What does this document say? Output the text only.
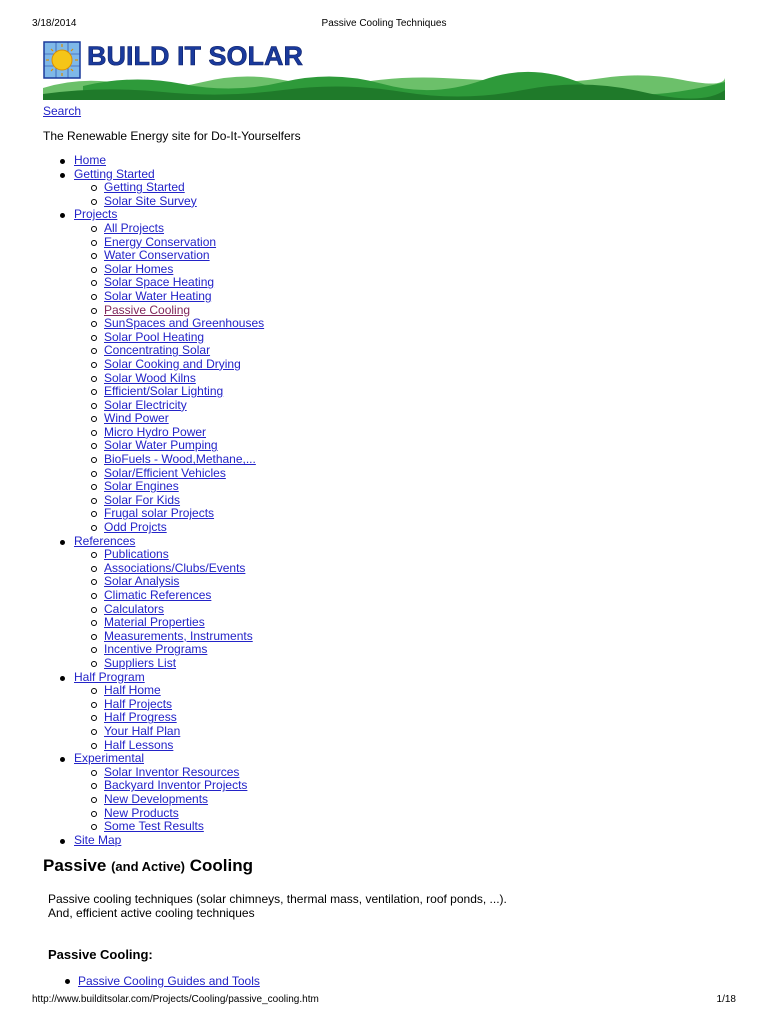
3/18/2014	Passive Cooling Techniques
BUILD IT SOLAR
Search
The Renewable Energy site for Do-It-Yourselfers
Home
Getting Started
Getting Started
Solar Site Survey
Projects
All Projects
Energy Conservation
Water Conservation
Solar Homes
Solar Space Heating
Solar Water Heating
Passive Cooling
SunSpaces and Greenhouses
Solar Pool Heating
Concentrating Solar
Solar Cooking and Drying
Solar Wood Kilns
Efficient/Solar Lighting
Solar Electricity
Wind Power
Micro Hydro Power
Solar Water Pumping
BioFuels - Wood,Methane,...
Solar/Efficient Vehicles
Solar Engines
Solar For Kids
Frugal solar Projects
Odd Projcts
References
Publications
Associations/Clubs/Events
Solar Analysis
Climatic References
Calculators
Material Properties
Measurements, Instruments
Incentive Programs
Suppliers List
Half Program
Half Home
Half Projects
Half Progress
Your Half Plan
Half Lessons
Experimental
Solar Inventor Resources
Backyard Inventor Projects
New Developments
New Products
Some Test Results
Site Map
Passive (and Active) Cooling
Passive cooling techniques (solar chimneys, thermal mass, ventilation, roof ponds, ...).
And, efficient active cooling techniques
Passive Cooling:
Passive Cooling Guides and Tools
http://www.builditsolar.com/Projects/Cooling/passive_cooling.htm	1/18
